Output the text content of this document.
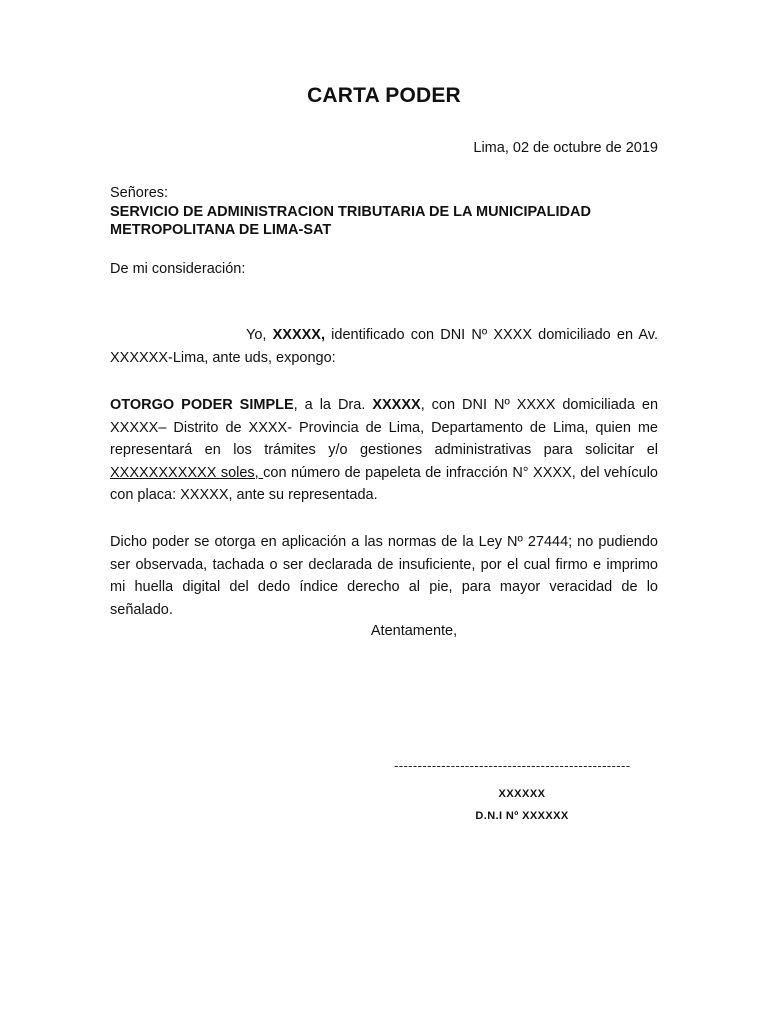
CARTA PODER
Lima, 02 de octubre de 2019
Señores:
SERVICIO DE ADMINISTRACION TRIBUTARIA DE LA MUNICIPALIDAD METROPOLITANA DE LIMA-SAT
De mi consideración:
Yo, XXXXX, identificado con DNI Nº XXXX domiciliado en Av. XXXXXX-Lima, ante uds, expongo:
OTORGO PODER SIMPLE, a la Dra. XXXXX, con DNI Nº XXXX domiciliada en XXXXX– Distrito de XXXX- Provincia de Lima, Departamento de Lima, quien me representará en los trámites y/o gestiones administrativas para solicitar el XXXXXXXXXXX soles, con número de papeleta de infracción N° XXXX, del vehículo con placa: XXXXX, ante su representada.
Dicho poder se otorga en aplicación a las normas de la Ley Nº 27444; no pudiendo ser observada, tachada o ser declarada de insuficiente, por el cual firmo e imprimo mi huella digital del dedo índice derecho al pie, para mayor veracidad de lo señalado.
Atentamente,
--------------------------------------------------
XXXXXX
D.N.I Nº XXXXXX
